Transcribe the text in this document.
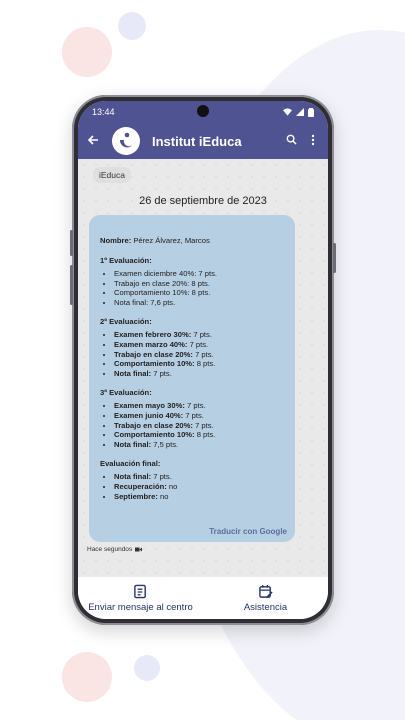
13:44
Institut iEduca
iEduca
26 de septiembre de 2023
Nombre: Pérez Álvarez, Marcos
1º Evaluación:
• Examen diciembre 40%: 7 pts.
• Trabajo en clase 20%: 8 pts.
• Comportamiento 10%: 8 pts.
• Nota final: 7,6 pts.
2º Evaluación:
• Examen febrero 30%: 7 pts.
• Examen marzo 40%: 7 pts.
• Trabajo en clase 20%: 7 pts.
• Comportamiento 10%: 8 pts.
• Nota final: 7 pts.
3º Evaluación:
• Examen mayo 30%: 7 pts.
• Examen junio 40%: 7 pts.
• Trabajo en clase 20%: 7 pts.
• Comportamiento 10%: 8 pts.
• Nota final: 7,5 pts.
Evaluación final:
• Nota final: 7 pts.
• Recuperación: no
• Septiembre: no
Traducir con Google
Hace segundos
Enviar mensaje al centro	Asistencia
